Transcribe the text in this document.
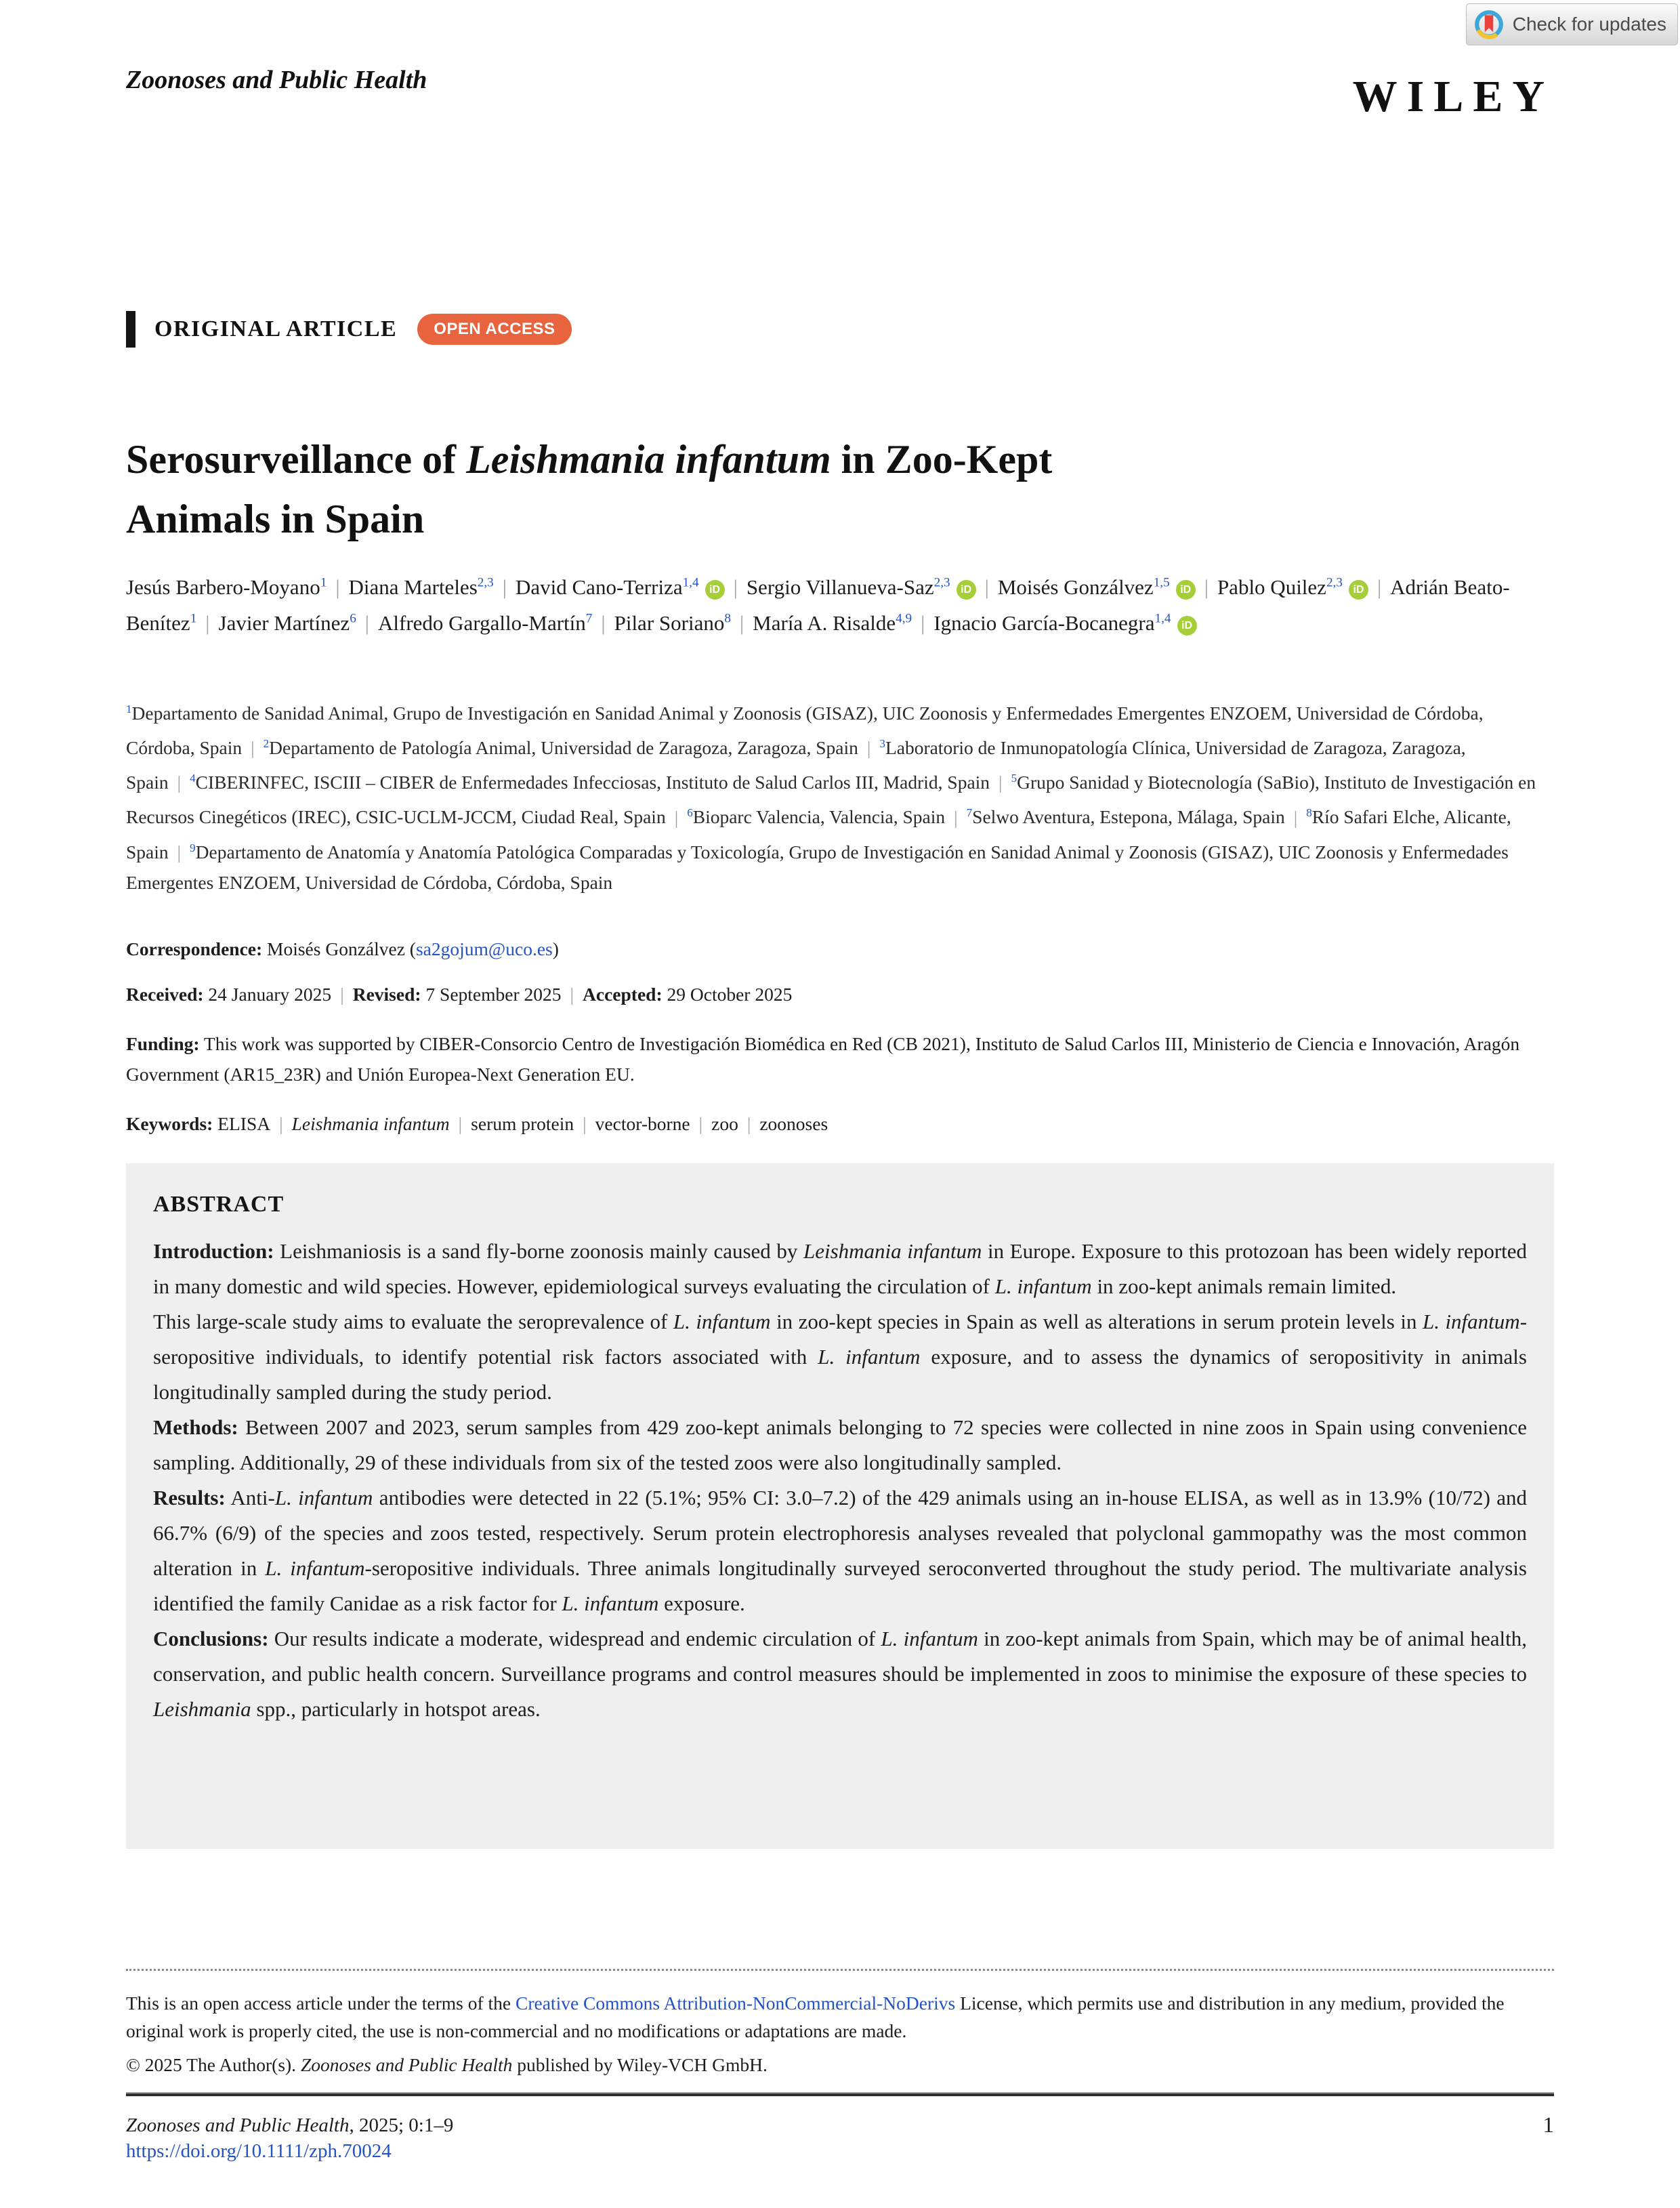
Check for updates
Zoonoses and Public Health	WILEY
ORIGINAL ARTICLE	OPEN ACCESS
Serosurveillance of Leishmania infantum in Zoo-Kept
Animals in Spain
Jesús Barbero-Moyano$^1$ | Diana Marteles$^{2,3}$ | David Cano-Terriza$^{1,4}$ iD | Sergio Villanueva-Saz$^{2,3}$ iD | Moisés Gonzálvez$^{1,5}$ iD | Pablo Quilez$^{2,3}$ iD | Adrián Beato-Benítez$^1$ | Javier Martínez$^6$ | Alfredo Gargallo-Martín$^7$ | Pilar Soriano$^8$ | María A. Risalde$^{4,9}$ | Ignacio García-Bocanegra$^{1,4}$ iD
$^1$Departamento de Sanidad Animal, Grupo de Investigación en Sanidad Animal y Zoonosis (GISAZ), UIC Zoonosis y Enfermedades Emergentes ENZOEM, Universidad de Córdoba, Córdoba, Spain | $^2$Departamento de Patología Animal, Universidad de Zaragoza, Zaragoza, Spain | $^3$Laboratorio de Inmunopatología Clínica, Universidad de Zaragoza, Zaragoza, Spain | $^4$CIBERINFEC, ISCIII – CIBER de Enfermedades Infecciosas, Instituto de Salud Carlos III, Madrid, Spain | $^5$Grupo Sanidad y Biotecnología (SaBio), Instituto de Investigación en Recursos Cinegéticos (IREC), CSIC-UCLM-JCCM, Ciudad Real, Spain | $^6$Bioparc Valencia, Valencia, Spain | $^7$Selwo Aventura, Estepona, Málaga, Spain | $^8$Río Safari Elche, Alicante, Spain | $^9$Departamento de Anatomía y Anatomía Patológica Comparadas y Toxicología, Grupo de Investigación en Sanidad Animal y Zoonosis (GISAZ), UIC Zoonosis y Enfermedades Emergentes ENZOEM, Universidad de Córdoba, Córdoba, Spain
Correspondence: Moisés Gonzálvez (sa2gojum@uco.es)
Received: 24 January 2025 | Revised: 7 September 2025 | Accepted: 29 October 2025
Funding: This work was supported by CIBER-Consorcio Centro de Investigación Biomédica en Red (CB 2021), Instituto de Salud Carlos III, Ministerio de Ciencia e Innovación, Aragón Government (AR15_23R) and Unión Europea-Next Generation EU.
Keywords: ELISA | Leishmania infantum | serum protein | vector-borne | zoo | zoonoses
ABSTRACT

Introduction: Leishmaniosis is a sand fly-borne zoonosis mainly caused by Leishmania infantum in Europe. Exposure to this protozoan has been widely reported in many domestic and wild species. However, epidemiological surveys evaluating the circulation of L. infantum in zoo-kept animals remain limited.

This large-scale study aims to evaluate the seroprevalence of L. infantum in zoo-kept species in Spain as well as alterations in serum protein levels in L. infantum-seropositive individuals, to identify potential risk factors associated with L. infantum exposure, and to assess the dynamics of seropositivity in animals longitudinally sampled during the study period.

Methods: Between 2007 and 2023, serum samples from 429 zoo-kept animals belonging to 72 species were collected in nine zoos in Spain using convenience sampling. Additionally, 29 of these individuals from six of the tested zoos were also longitudinally sampled.

Results: Anti-L. infantum antibodies were detected in 22 (5.1%; 95% CI: 3.0–7.2) of the 429 animals using an in-house ELISA, as well as in 13.9% (10/72) and 66.7% (6/9) of the species and zoos tested, respectively. Serum protein electrophoresis analyses revealed that polyclonal gammopathy was the most common alteration in L. infantum-seropositive individuals. Three animals longitudinally surveyed seroconverted throughout the study period. The multivariate analysis identified the family Canidae as a risk factor for L. infantum exposure.

Conclusions: Our results indicate a moderate, widespread and endemic circulation of L. infantum in zoo-kept animals from Spain, which may be of animal health, conservation, and public health concern. Surveillance programs and control measures should be implemented in zoos to minimise the exposure of these species to Leishmania spp., particularly in hotspot areas.

This is an open access article under the terms of the Creative Commons Attribution-NonCommercial-NoDerivs License, which permits use and distribution in any medium, provided the original work is properly cited, the use is non-commercial and no modifications or adaptations are made.
© 2025 The Author(s). Zoonoses and Public Health published by Wiley-VCH GmbH.
Zoonoses and Public Health, 2025; 0:1–9
https://doi.org/10.1111/zph.70024
1
